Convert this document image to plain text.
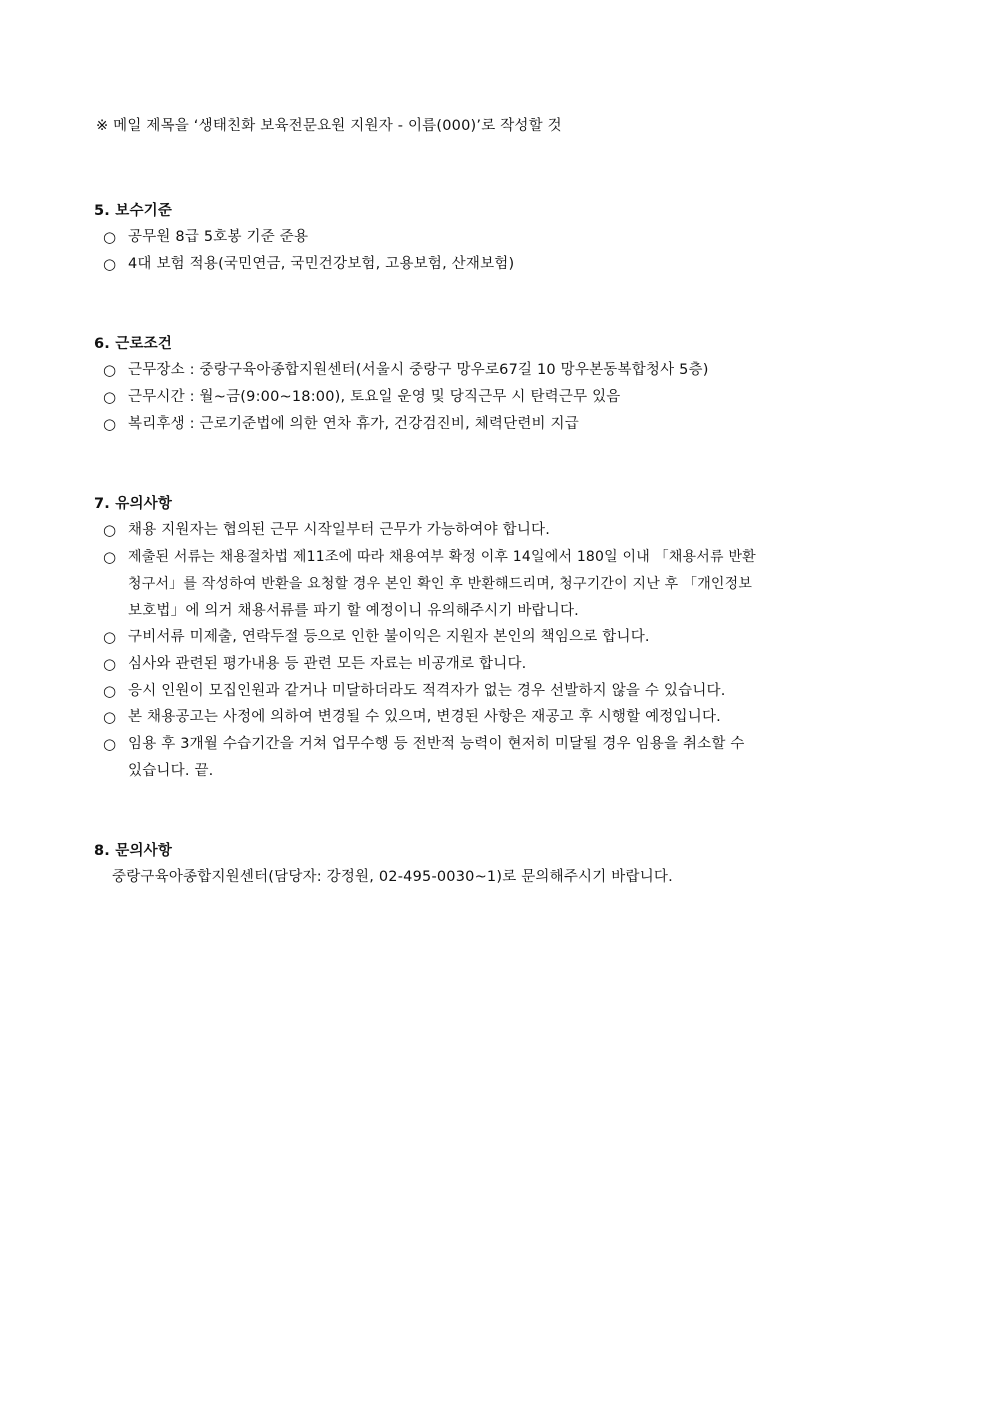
※ 메일 제목을 ‘생태친화 보육전문요원 지원자 - 이름(000)’로 작성할 것
5. 보수기준
○ 공무원 8급 5호봉 기준 준용
○ 4대 보험 적용(국민연금, 국민건강보험, 고용보험, 산재보험)
6. 근로조건
○ 근무장소 : 중랑구육아종합지원센터(서울시 중랑구 망우로67길 10 망우본동복합청사 5층)
○ 근무시간 : 월~금(9:00~18:00), 토요일 운영 및 당직근무 시 탄력근무 있음
○ 복리후생 : 근로기준법에 의한 연차 휴가, 건강검진비, 체력단련비 지급
7. 유의사항
○ 채용 지원자는 협의된 근무 시작일부터 근무가 가능하여야 합니다.
○ 제출된 서류는 채용절차법 제11조에 따라 채용여부 확정 이후 14일에서 180일 이내 「채용서류 반환
청구서」를 작성하여 반환을 요청할 경우 본인 확인 후 반환해드리며, 청구기간이 지난 후 「개인정보
보호법」에 의거 채용서류를 파기 할 예정이니 유의해주시기 바랍니다.
○ 구비서류 미제출, 연락두절 등으로 인한 불이익은 지원자 본인의 책임으로 합니다.
○ 심사와 관련된 평가내용 등 관련 모든 자료는 비공개로 합니다.
○ 응시 인원이 모집인원과 같거나 미달하더라도 적격자가 없는 경우 선발하지 않을 수 있습니다.
○ 본 채용공고는 사정에 의하여 변경될 수 있으며, 변경된 사항은 재공고 후 시행할 예정입니다.
○ 임용 후 3개월 수습기간을 거쳐 업무수행 등 전반적 능력이 현저히 미달될 경우 임용을 취소할 수
있습니다. 끝.
8. 문의사항
중랑구육아종합지원센터(담당자: 강정원, 02-495-0030~1)로 문의해주시기 바랍니다.
